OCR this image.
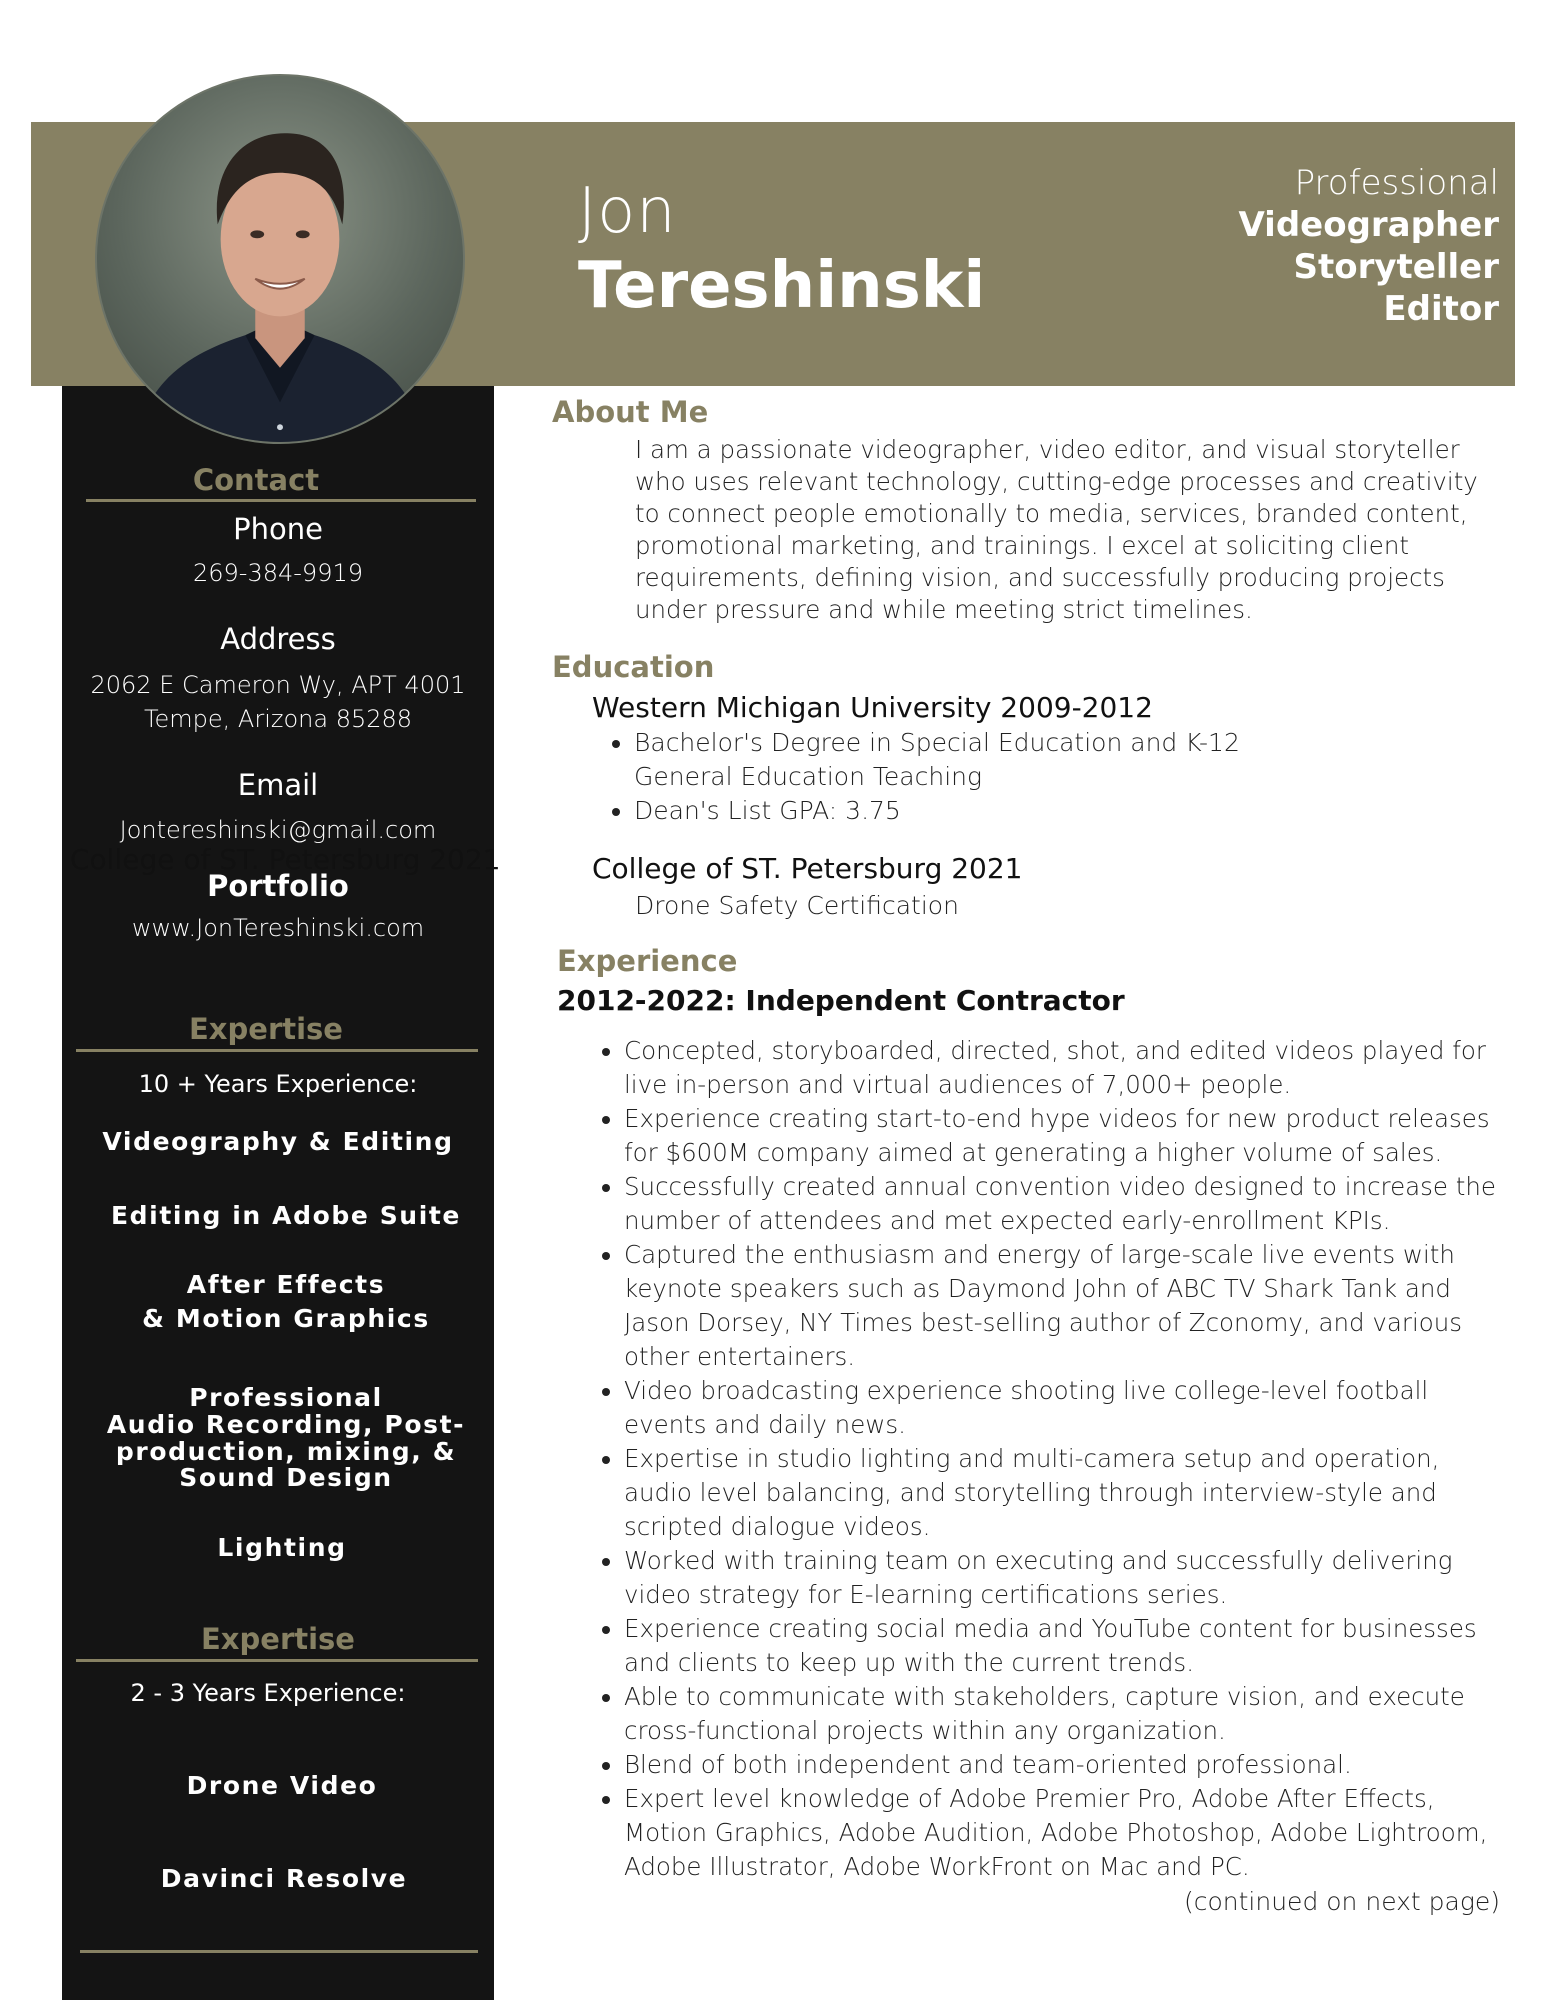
Jon
Tereshinski
Professional
Videographer
Storyteller
Editor
Contact
Phone
269-384-9919
Address
2062 E Cameron Wy, APT 4001
Tempe, Arizona 85288
Email
Jontereshinski@gmail.com
College of ST. Petersburg 2021
Portfolio
www.JonTereshinski.com
Expertise
10 + Years Experience:
Videography & Editing
Editing in Adobe Suite
After Effects
& Motion Graphics
Professional
Audio Recording, Post-
production, mixing, &
Sound Design
Lighting
Expertise
2 - 3 Years Experience:
Drone Video
Davinci Resolve
About Me
I am a passionate videographer, video editor, and visual storyteller
who uses relevant technology, cutting-edge processes and creativity
to connect people emotionally to media, services, branded content,
promotional marketing, and trainings. I excel at soliciting client
requirements, defining vision, and successfully producing projects
under pressure and while meeting strict timelines.
Education
Western Michigan University 2009-2012
• Bachelor's Degree in Special Education and K-12
General Education Teaching
• Dean's List GPA: 3.75
College of ST. Petersburg 2021
Drone Safety Certification
Experience
2012-2022: Independent Contractor
• Concepted, storyboarded, directed, shot, and edited videos played for
live in-person and virtual audiences of 7,000+ people.
• Experience creating start-to-end hype videos for new product releases
for $600M company aimed at generating a higher volume of sales.
• Successfully created annual convention video designed to increase the
number of attendees and met expected early-enrollment KPIs.
• Captured the enthusiasm and energy of large-scale live events with
keynote speakers such as Daymond John of ABC TV Shark Tank and
Jason Dorsey, NY Times best-selling author of Zconomy, and various
other entertainers.
• Video broadcasting experience shooting live college-level football
events and daily news.
• Expertise in studio lighting and multi-camera setup and operation,
audio level balancing, and storytelling through interview-style and
scripted dialogue videos.
• Worked with training team on executing and successfully delivering
video strategy for E-learning certifications series.
• Experience creating social media and YouTube content for businesses
and clients to keep up with the current trends.
• Able to communicate with stakeholders, capture vision, and execute
cross-functional projects within any organization.
• Blend of both independent and team-oriented professional.
• Expert level knowledge of Adobe Premier Pro, Adobe After Effects,
Motion Graphics, Adobe Audition, Adobe Photoshop, Adobe Lightroom,
Adobe Illustrator, Adobe WorkFront on Mac and PC.
(continued on next page)
